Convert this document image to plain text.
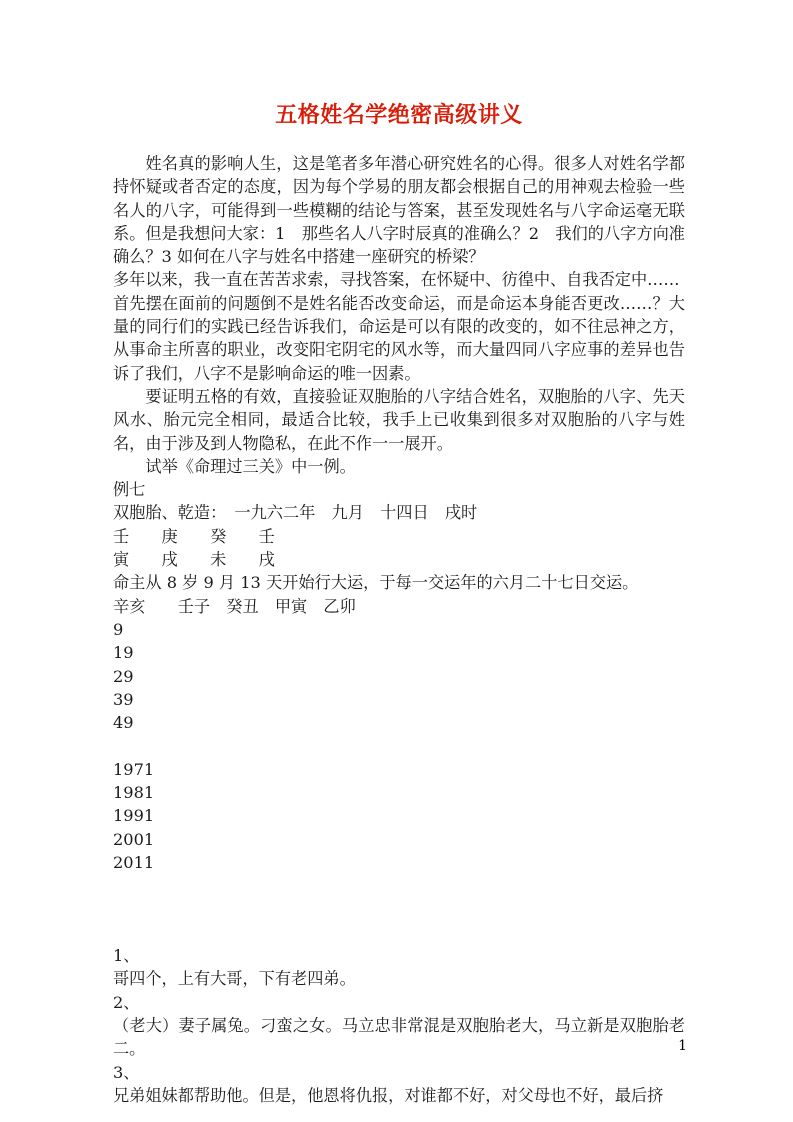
五格姓名学绝密高级讲义

姓名真的影响人生，这是笔者多年潜心研究姓名的心得。很多人对姓名学都持怀疑或者否定的态度，因为每个学易的朋友都会根据自己的用神观去检验一些名人的八字，可能得到一些模糊的结论与答案，甚至发现姓名与八字命运毫无联系。但是我想问大家：1　那些名人八字时辰真的准确么？2　我们的八字方向准确么？3 如何在八字与姓名中搭建一座研究的桥梁？

多年以来，我一直在苦苦求索，寻找答案，在怀疑中、彷徨中、自我否定中……

首先摆在面前的问题倒不是姓名能否改变命运，而是命运本身能否更改……？大量的同行们的实践已经告诉我们，命运是可以有限的改变的，如不往忌神之方，从事命主所喜的职业，改变阳宅阴宅的风水等，而大量四同八字应事的差异也告诉了我们，八字不是影响命运的唯一因素。

要证明五格的有效，直接验证双胞胎的八字结合姓名，双胞胎的八字、先天风水、胎元完全相同，最适合比较，我手上已收集到很多对双胞胎的八字与姓名，由于涉及到人物隐私，在此不作一一展开。

试举《命理过三关》中一例。

例七
双胞胎、乾造：　一九六二年　九月　十四日　戌时
壬　　庚　　癸　　壬
寅　　戌　　未　　戌
命主从 8 岁 9 月 13 天开始行大运，于每一交运年的六月二十七日交运。
辛亥　　壬子　癸丑　甲寅　乙卯
9
19
29
39
49
1971
1981
1991
2001
2011
1、

哥四个，上有大哥，下有老四弟。

2、

（老大）妻子属兔。刁蛮之女。马立忠非常混是双胞胎老大，马立新是双胞胎老二。

3、

兄弟姐妹都帮助他。但是，他恩将仇报，对谁都不好，对父母也不好，最后挤

1
